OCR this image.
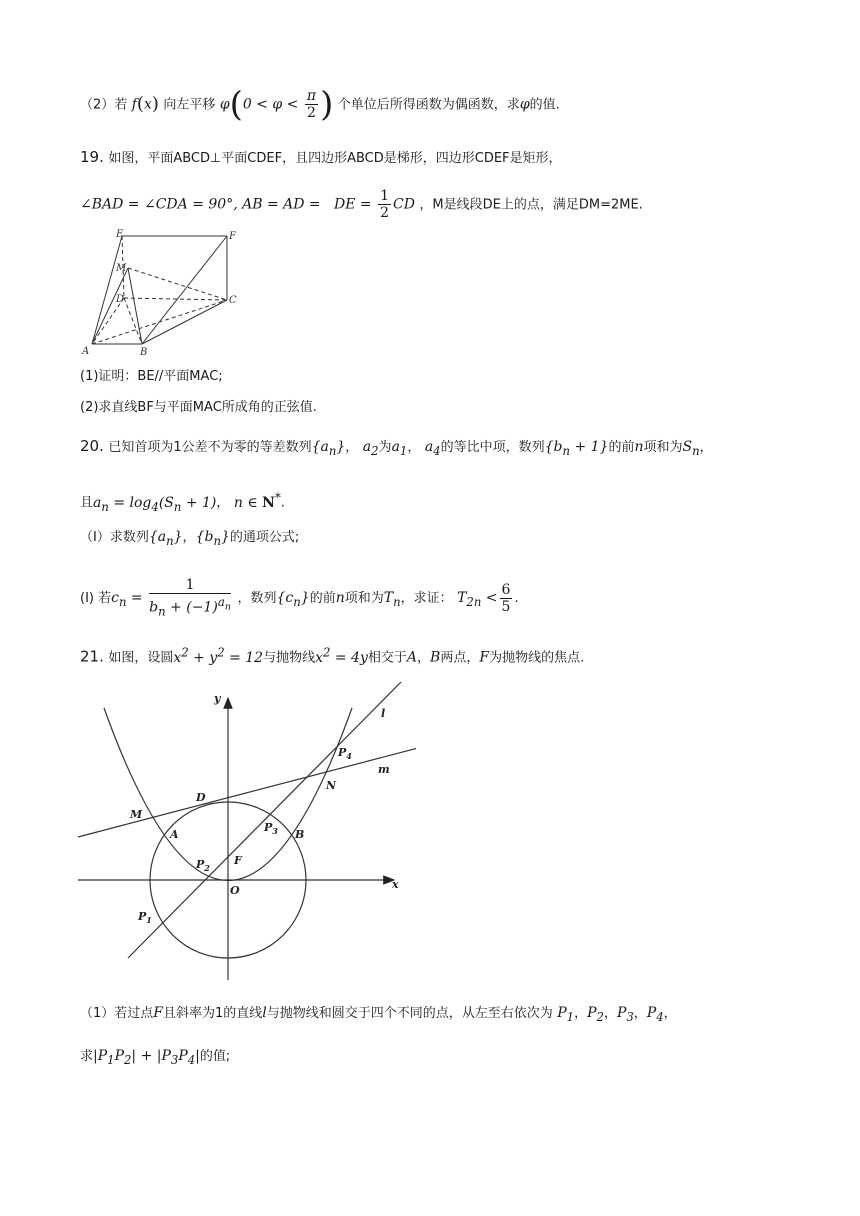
（2）若 f(x) 向左平移 $\varphi(0 < \varphi < \frac{\pi}{2}$ ) 个单位后所得函数为偶函数，求φ的值.
19. 如图，平面ABCD⊥平面CDEF，且四边形ABCD是梯形，四边形CDEF是矩形，
∠BAD = ∠CDA = 90°, AB = AD = DE = $\frac{1}{2}$ CD ，M是线段DE上的点，满足DM=2ME.
E	F
M
D	C
A	B
(1)证明：BE//平面MAC;
(2)求直线BF与平面MAC所成角的正弦值.
20. 已知首项为1公差不为零的等差数列$\{a_n\}$， $a_2$为$a_1$， $a_4$的等比中项，数列$\{b_n + 1\}$的前n项和为$S_n$，
且$a_n = \log_4(S_n + 1)$， n ∈ N*.
（Ⅰ）求数列$\{a_n\}$，$\{b_n\}$的通项公式;
(Ⅰ) 若$c_n = \frac{1}{b_n + (-1)^{a_n}}$ ，数列$\{c_n\}$的前n项和为$T_n$，求证： $T_{2n} < \frac{6}{5}$ .
21. 如图，设圆$x^2 + y^2 = 12$与抛物线$x^2 = 4y$相交于A，B两点，F为抛物线的焦点.
y
x
O
F
A	B
D
M
N
$P_1$
$P_2$
$P_3$
$P_4$
l
m
（1）若过点F且斜率为1的直线l与抛物线和圆交于四个不同的点，从左至右依次为 $P_1$，$P_2$，$P_3$，$P_4$，
求$|P_1P_2| + |P_3P_4|$的值;
